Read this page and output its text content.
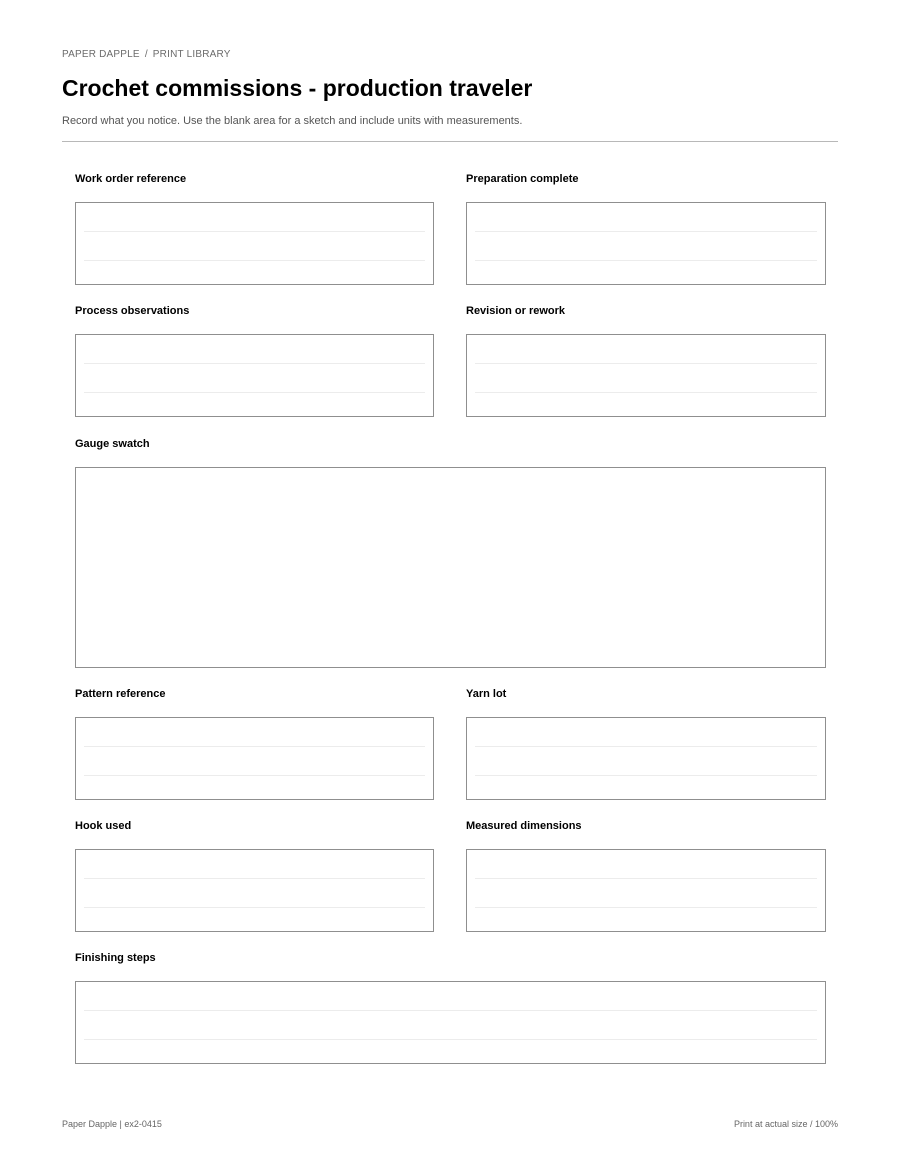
PAPER DAPPLE / PRINT LIBRARY
Crochet commissions - production traveler
Record what you notice. Use the blank area for a sketch and include units with measurements.
Work order reference	Preparation complete
Process observations	Revision or rework
Gauge swatch
Pattern reference	Yarn lot
Hook used	Measured dimensions
Finishing steps
Paper Dapple | ex2-0415	Print at actual size / 100%
